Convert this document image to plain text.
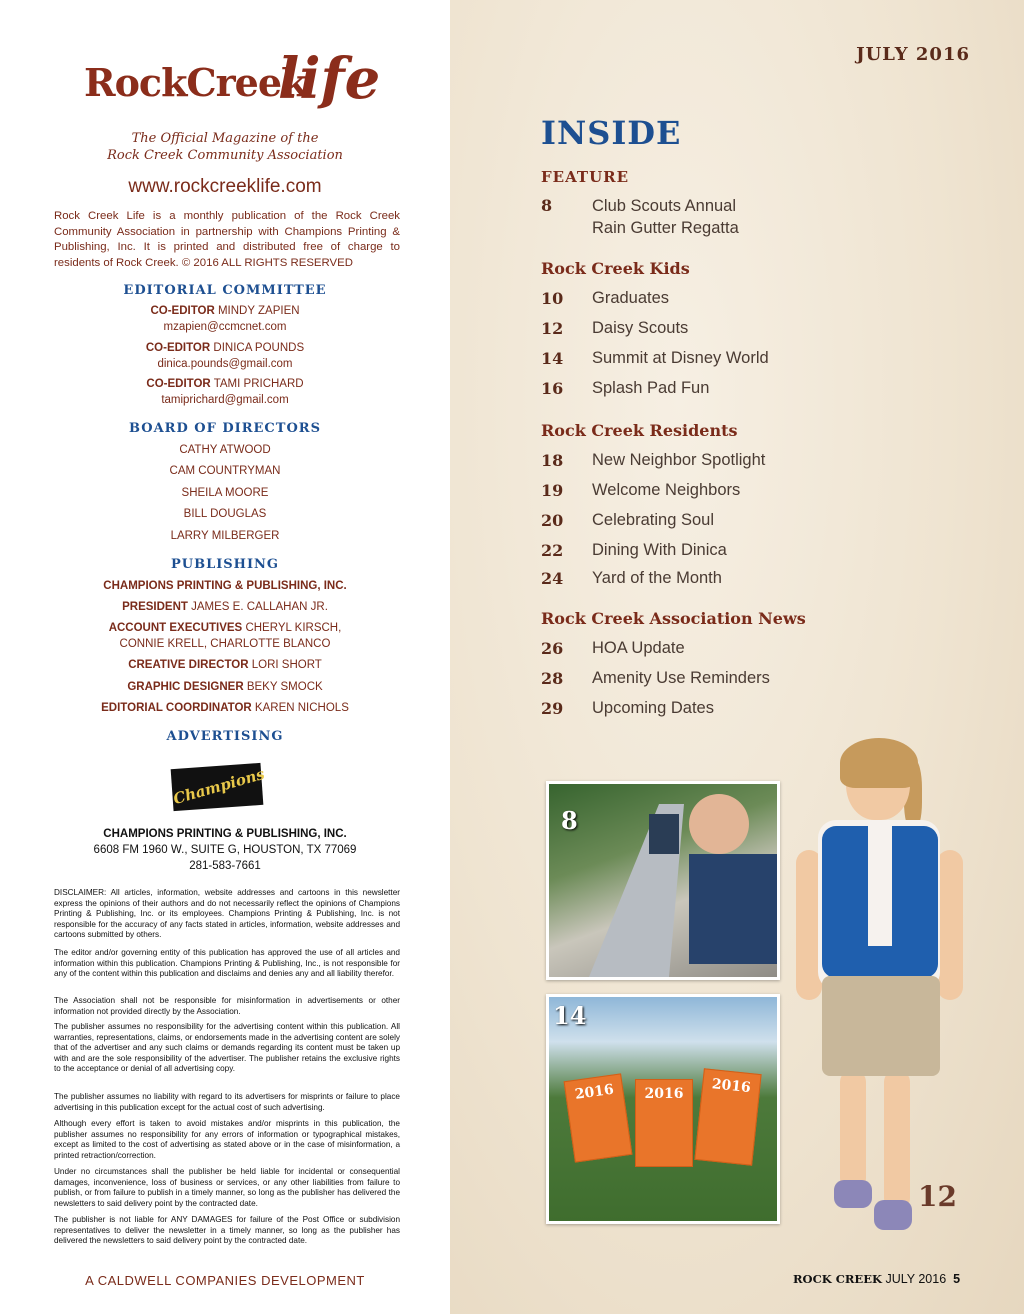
RockCreek
life
The Official Magazine of the
Rock Creek Community Association
www.rockcreeklife.com
Rock Creek Life is a monthly publication of the Rock Creek Community Association in partnership with Champions Printing & Publishing, Inc. It is printed and distributed free of charge to residents of Rock Creek. © 2016 ALL RIGHTS RESERVED
EDITORIAL COMMITTEE
CO-EDITOR MINDY ZAPIEN
mzapien@ccmcnet.com
CO-EDITOR DINICA POUNDS
dinica.pounds@gmail.com
CO-EDITOR TAMI PRICHARD
tamiprichard@gmail.com
BOARD OF DIRECTORS
CATHY ATWOOD
CAM COUNTRYMAN
SHEILA MOORE
BILL DOUGLAS
LARRY MILBERGER
PUBLISHING
CHAMPIONS PRINTING & PUBLISHING, INC.
PRESIDENT JAMES E. CALLAHAN JR.
ACCOUNT EXECUTIVES CHERYL KIRSCH,
CONNIE KRELL, CHARLOTTE BLANCO
CREATIVE DIRECTOR LORI SHORT
GRAPHIC DESIGNER BEKY SMOCK
EDITORIAL COORDINATOR KAREN NICHOLS
ADVERTISING
Champions
CHAMPIONS PRINTING & PUBLISHING, INC.
6608 FM 1960 W., SUITE G, HOUSTON, TX 77069
281-583-7661
DISCLAIMER: All articles, information, website addresses and cartoons in this newsletter express the opinions of their authors and do not necessarily reflect the opinions of Champions Printing & Publishing, Inc. or its employees. Champions Printing & Publishing, Inc. is not responsible for the accuracy of any facts stated in articles, information, website addresses and cartoons submitted by others.
The editor and/or governing entity of this publication has approved the use of all articles and information within this publication. Champions Printing & Publishing, Inc., is not responsible for any of the content within this publication and disclaims and denies any and all liability therefor.
The Association shall not be responsible for misinformation in advertisements or other information not provided directly by the Association.
The publisher assumes no responsibility for the advertising content within this publication. All warranties, representations, claims, or endorsements made in the advertising content are solely that of the advertiser and any such claims or demands regarding its content must be taken up with and are the sole responsibility of the advertiser. The publisher retains the exclusive rights to the acceptance or denial of all advertising copy.
The publisher assumes no liability with regard to its advertisers for misprints or failure to place advertising in this publication except for the actual cost of such advertising.
Although every effort is taken to avoid mistakes and/or misprints in this publication, the publisher assumes no responsibility for any errors of information or typographical mistakes, except as limited to the cost of advertising as stated above or in the case of misinformation, a printed retraction/correction.
Under no circumstances shall the publisher be held liable for incidental or consequential damages, inconvenience, loss of business or services, or any other liabilities from failure to publish, or from failure to publish in a timely manner, so long as the publisher has delivered the newsletters to said delivery point by the contracted date.
The publisher is not liable for ANY DAMAGES for failure of the Post Office or subdivision representatives to deliver the newsletter in a timely manner, so long as the publisher has delivered the newsletters to said delivery point by the contracted date.
A CALDWELL COMPANIES DEVELOPMENT
JULY 2016
INSIDE
FEATURE
8	Club Scouts Annual
Rain Gutter Regatta
Rock Creek Kids
10	Graduates
12	Daisy Scouts
14	Summit at Disney World
16	Splash Pad Fun
Rock Creek Residents
18	New Neighbor Spotlight
19	Welcome Neighbors
20	Celebrating Soul
22	Dining With Dinica
24	Yard of the Month
Rock Creek Association News
26	HOA Update
28	Amenity Use Reminders
29	Upcoming Dates
8
2016	2016	2016
14
12
ROCK CREEK JULY 2016 5
